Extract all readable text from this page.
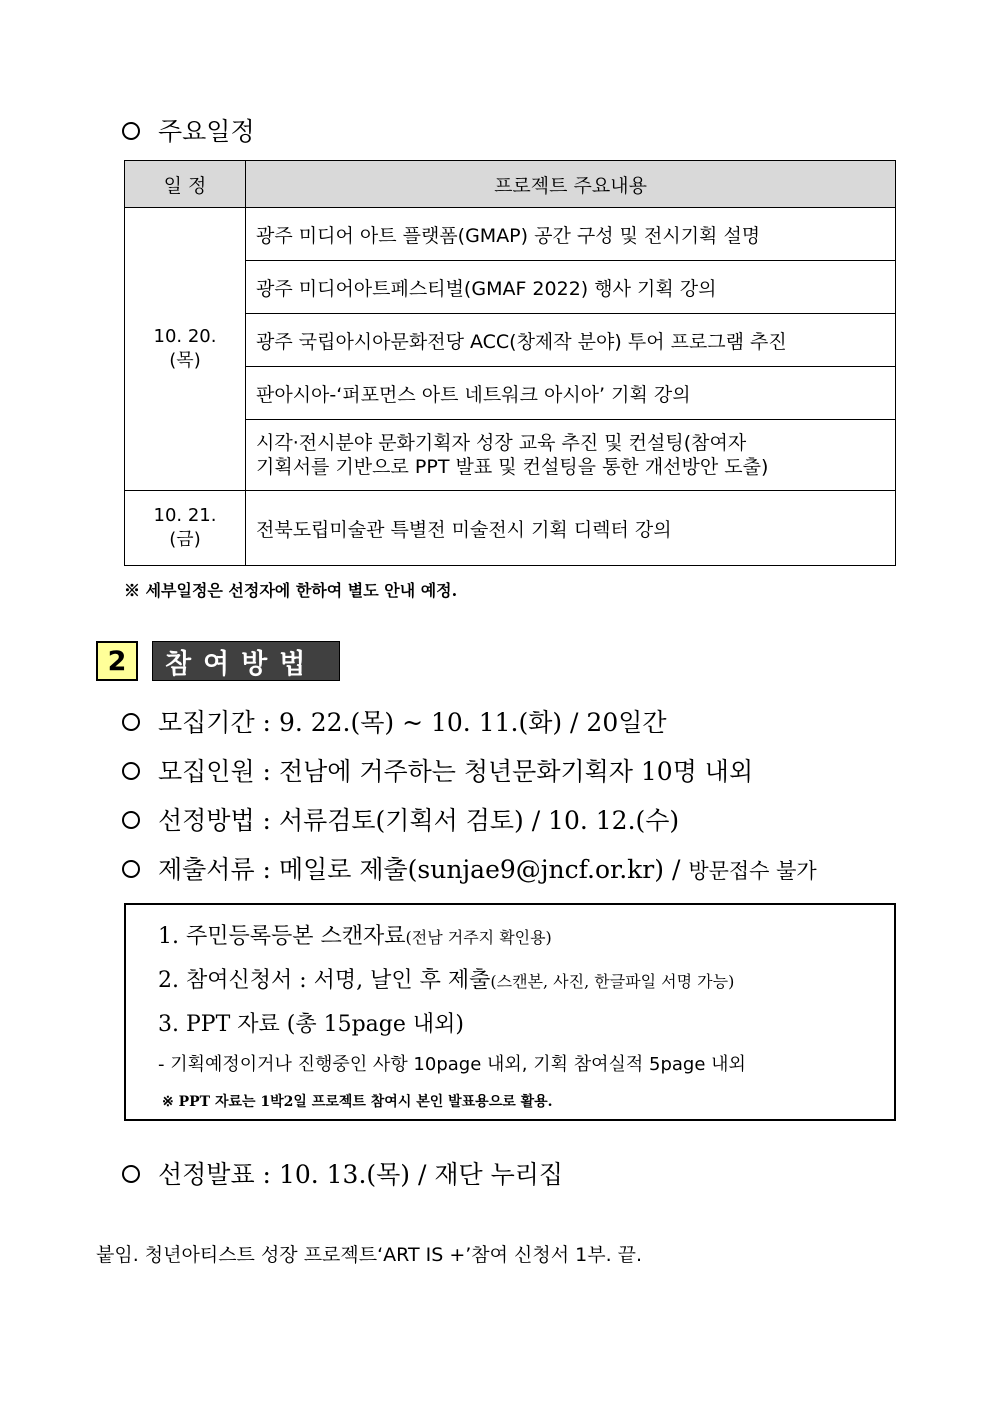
주요일정
일 정	프로젝트 주요내용

10. 20.
(목)	광주 미디어 아트 플랫폼(GMAP) 공간 구성 및 전시기획 설명
	광주 미디어아트페스티벌(GMAF 2022) 행사 기획 강의
	광주 국립아시아문화전당 ACC(창제작 분야) 투어 프로그램 추진
	판아시아-‘퍼포먼스 아트 네트워크 아시아’ 기획 강의

	시각·전시분야 문화기획자 성장 교육 추진 및 컨설팅(참여자
기획서를 기반으로 PPT 발표 및 컨설팅을 통한 개선방안 도출)

10. 21.
(금)	전북도립미술관 특별전 미술전시 기획 디렉터 강의
※ 세부일정은 선정자에 한하여 별도 안내 예정.
2	참여방법
모집기간 : 9. 22.(목) ~ 10. 11.(화) / 20일간
모집인원 : 전남에 거주하는 청년문화기획자 10명 내외
선정방법 : 서류검토(기획서 검토) / 10. 12.(수)
제출서류 : 메일로 제출(sunjae9@jncf.or.kr) / 방문접수 불가
1. 주민등록등본 스캔자료(전남 거주지 확인용)
2. 참여신청서 : 서명, 날인 후 제출(스캔본, 사진, 한글파일 서명 가능)
3. PPT 자료 (총 15page 내외)
- 기획예정이거나 진행중인 사항 10page 내외, 기획 참여실적 5page 내외
※ PPT 자료는 1박2일 프로젝트 참여시 본인 발표용으로 활용.
선정발표 : 10. 13.(목) / 재단 누리집
붙임. 청년아티스트 성장 프로젝트‘ART IS +’참여 신청서 1부. 끝.
